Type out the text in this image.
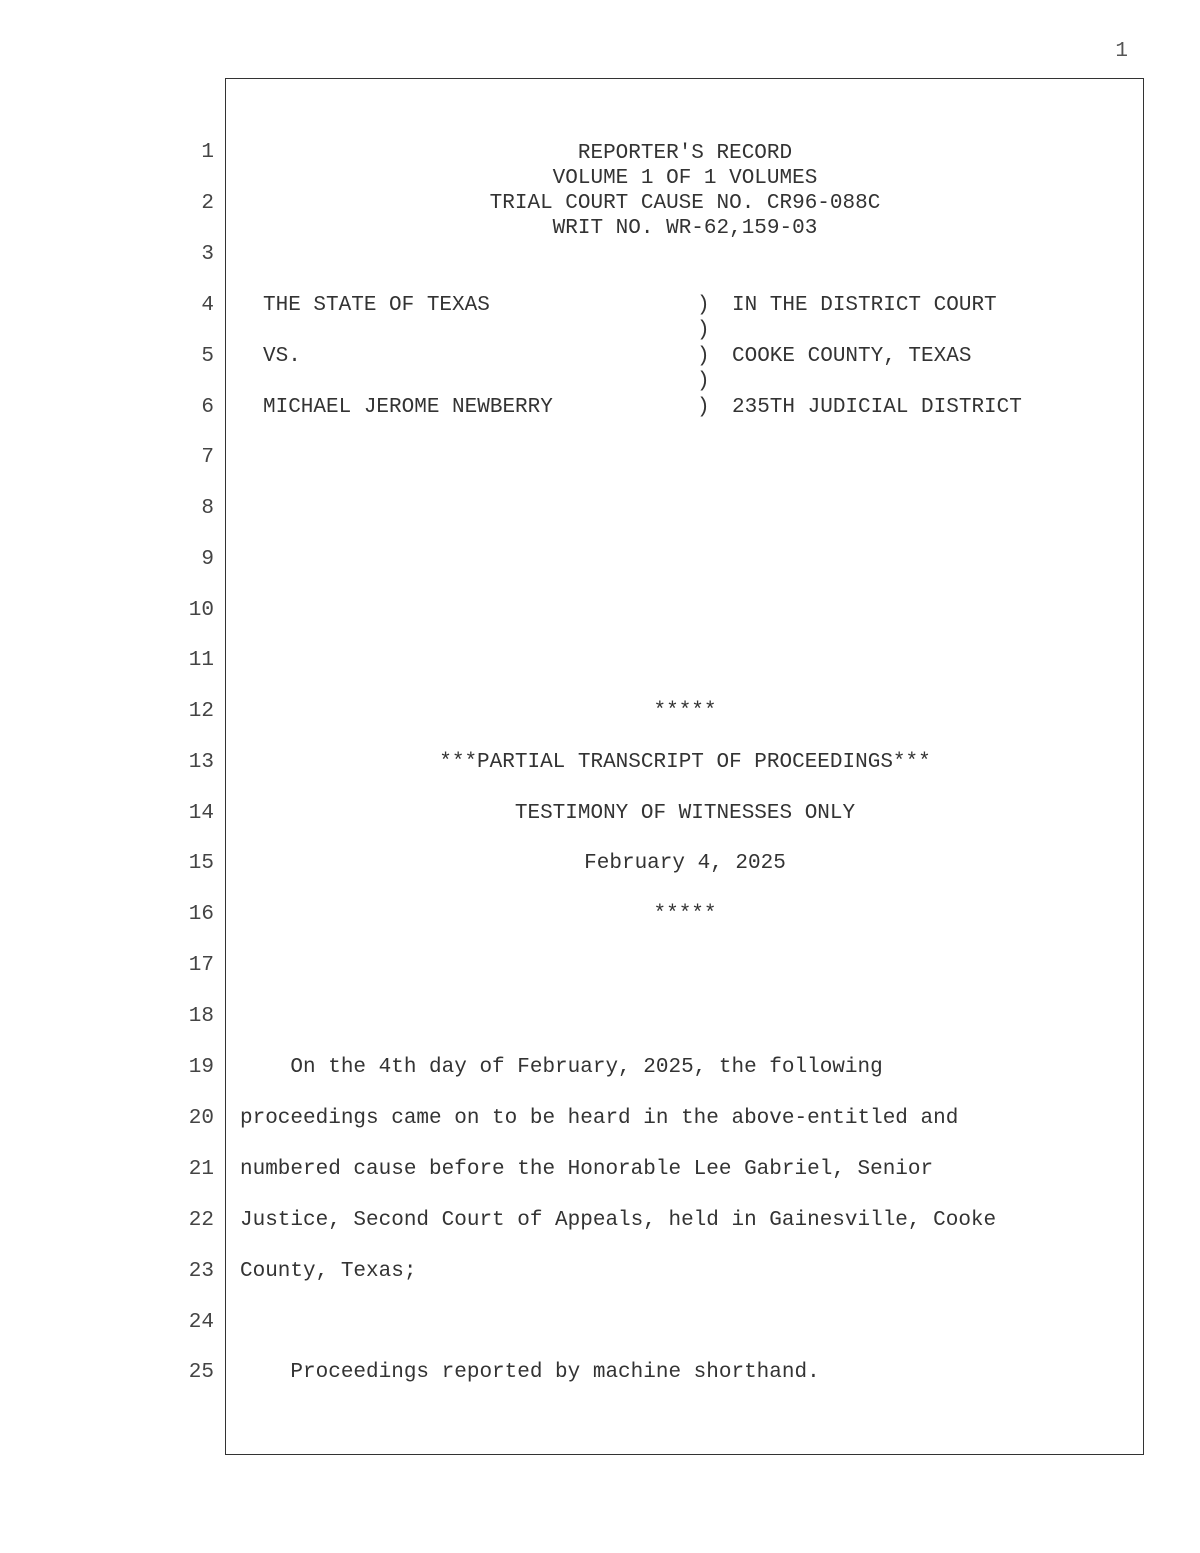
1
1
2
3
4
5
6
7
8
9
10
11
12
13
14
15
16
17
18
19
20
21
22
23
24
25
REPORTER'S RECORD
VOLUME 1 OF 1 VOLUMES
TRIAL COURT CAUSE NO. CR96-088C
WRIT NO. WR-62,159-03
THE STATE OF TEXAS
VS.
MICHAEL JEROME NEWBERRY
)
)
)
)
)
IN THE DISTRICT COURT
COOKE COUNTY, TEXAS
235TH JUDICIAL DISTRICT
*****
***PARTIAL TRANSCRIPT OF PROCEEDINGS***
TESTIMONY OF WITNESSES ONLY
February 4, 2025
*****
On the 4th day of February, 2025, the following
proceedings came on to be heard in the above-entitled and
numbered cause before the Honorable Lee Gabriel, Senior
Justice, Second Court of Appeals, held in Gainesville, Cooke
County, Texas;
Proceedings reported by machine shorthand.
